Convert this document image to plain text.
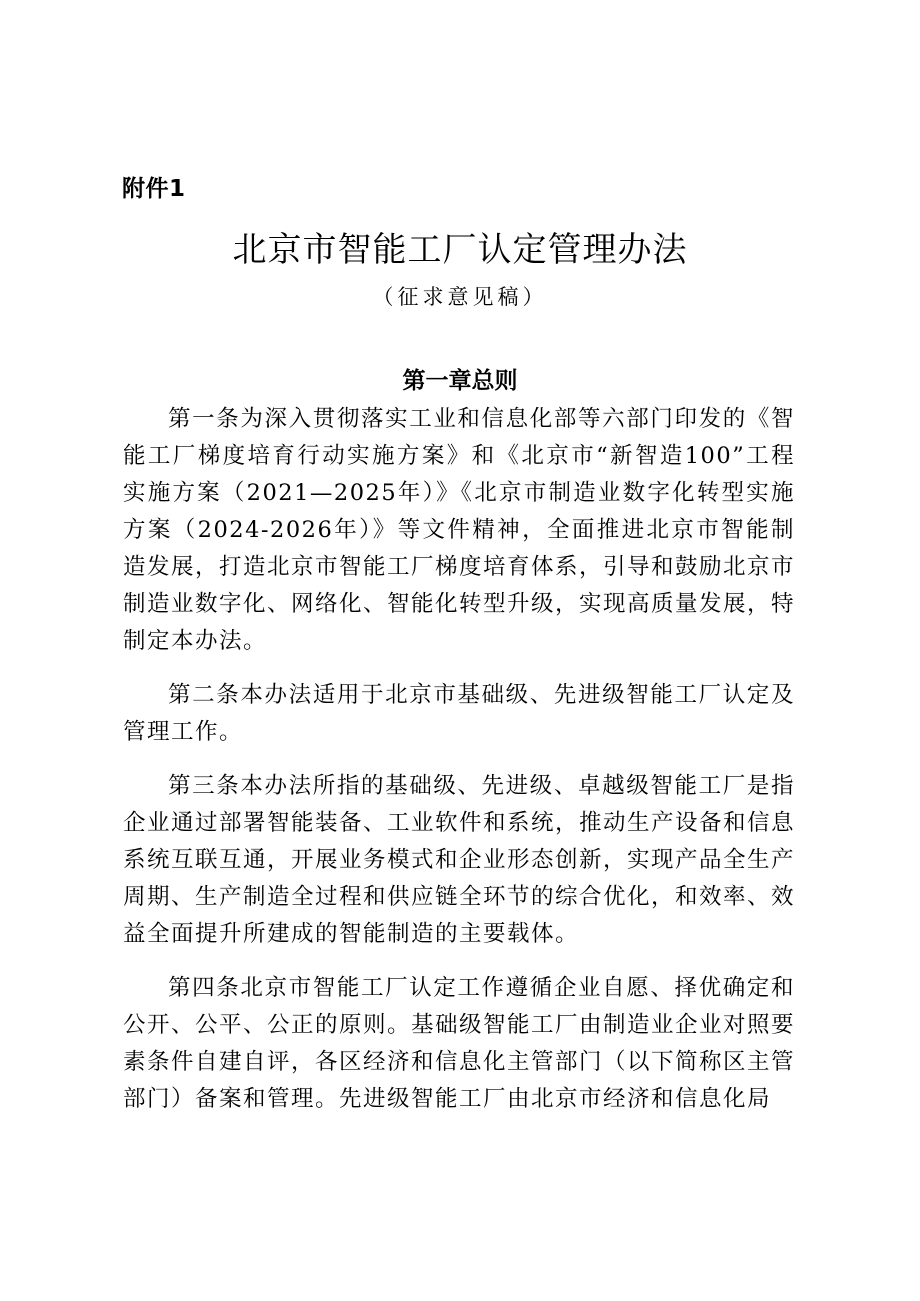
附件1
北京市智能工厂认定管理办法
（征求意见稿）
第一章总则

第一条为深入贯彻落实工业和信息化部等六部门印发的《智能工厂梯度培育行动实施方案》和《北京市“新智造100”工程实施方案（2021—2025年）》《北京市制造业数字化转型实施方案（2024-2026年）》等文件精神，全面推进北京市智能制造发展，打造北京市智能工厂梯度培育体系，引导和鼓励北京市制造业数字化、网络化、智能化转型升级，实现高质量发展，特制定本办法。

第二条本办法适用于北京市基础级、先进级智能工厂认定及管理工作。

第三条本办法所指的基础级、先进级、卓越级智能工厂是指企业通过部署智能装备、工业软件和系统，推动生产设备和信息系统互联互通，开展业务模式和企业形态创新，实现产品全生产周期、生产制造全过程和供应链全环节的综合优化，和效率、效益全面提升所建成的智能制造的主要载体。

第四条北京市智能工厂认定工作遵循企业自愿、择优确定和公开、公平、公正的原则。基础级智能工厂由制造业企业对照要素条件自建自评，各区经济和信息化主管部门（以下简称区主管部门）备案和管理。先进级智能工厂由北京市经济和信息化局
